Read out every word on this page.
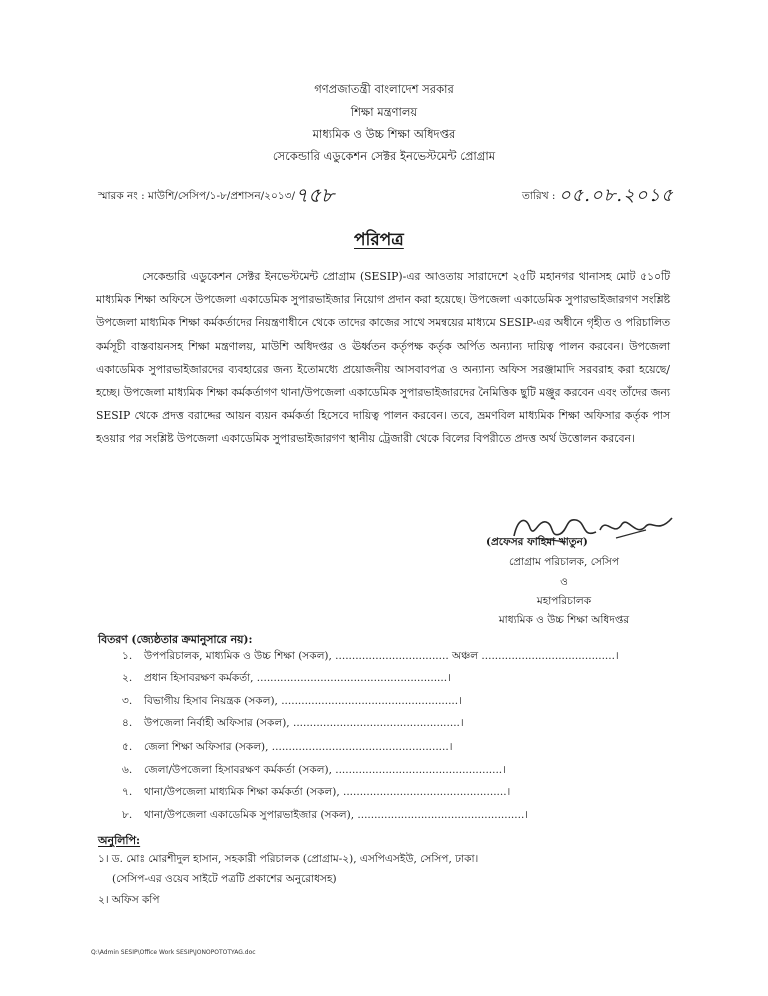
গণপ্রজাতন্ত্রী বাংলাদেশ সরকার
শিক্ষা মন্ত্রণালয়
মাধ্যমিক ও উচ্চ শিক্ষা অধিদপ্তর
সেকেন্ডারি এডুকেশন সেক্টর ইনভেস্টমেন্ট প্রোগ্রাম
স্মারক নং : মাউশি/সেসিপ/১-৮/প্রশাসন/২০১৩/৭৫৮	তারিখ : ০৫.০৮.২০১৫
পরিপত্র

সেকেন্ডারি এডুকেশন সেক্টর ইনভেস্টমেন্ট প্রোগ্রাম (SESIP)-এর আওতায় সারাদেশে ২৫টি মহানগর থানাসহ মোট ৫১০টি মাধ্যমিক শিক্ষা অফিসে উপজেলা একাডেমিক সুপারভাইজার নিয়োগ প্রদান করা হয়েছে। উপজেলা একাডেমিক সুপারভাইজারগণ সংশ্লিষ্ট উপজেলা মাধ্যমিক শিক্ষা কর্মকর্তাদের নিয়ন্ত্রণাধীনে থেকে তাদের কাজের সাথে সমন্বয়ের মাধ্যমে SESIP-এর অধীনে গৃহীত ও পরিচালিত কর্মসূচী বাস্তবায়নসহ শিক্ষা মন্ত্রণালয়, মাউশি অধিদপ্তর ও ঊর্ধ্বতন কর্তৃপক্ষ কর্তৃক অর্পিত অন্যান্য দায়িত্ব পালন করবেন। উপজেলা একাডেমিক সুপারভাইজারদের ব্যবহারের জন্য ইতোমধ্যে প্রয়োজনীয় আসবাবপত্র ও অন্যান্য অফিস সরঞ্জামাদি সরবরাহ করা হয়েছে/হচ্ছে। উপজেলা মাধ্যমিক শিক্ষা কর্মকর্তাগণ থানা/উপজেলা একাডেমিক সুপারভাইজারদের নৈমিত্তিক ছুটি মঞ্জুর করবেন এবং তাঁদের জন্য SESIP থেকে প্রদত্ত বরাদ্দের আয়ন ব্যয়ন কর্মকর্তা হিসেবে দায়িত্ব পালন করবেন। তবে, ভ্রমণবিল মাধ্যমিক শিক্ষা অফিসার কর্তৃক পাস হওয়ার পর সংশ্লিষ্ট উপজেলা একাডেমিক সুপারভাইজারগণ স্থানীয় ট্রেজারী থেকে বিলের বিপরীতে প্রদত্ত অর্থ উত্তোলন করবেন।

(প্রফেসর ফাহিমা খাতুন)
প্রোগ্রাম পরিচালক, সেসিপ
ও
মহাপরিচালক
মাধ্যমিক ও উচ্চ শিক্ষা অধিদপ্তর
বিতরণ (জ্যেষ্ঠতার ক্রমানুসারে নয়):
১. উপপরিচালক, মাধ্যমিক ও উচ্চ শিক্ষা (সকল), .................................. অঞ্চল ........................................।
২. প্রধান হিসাবরক্ষণ কর্মকর্তা, .........................................................।
৩. বিভাগীয় হিসাব নিয়ন্ত্রক (সকল), .....................................................।
৪. উপজেলা নির্বাহী অফিসার (সকল), ..................................................।
৫. জেলা শিক্ষা অফিসার (সকল), .....................................................।
৬. জেলা/উপজেলা হিসাবরক্ষণ কর্মকর্তা (সকল), ..................................................।
৭. থানা/উপজেলা মাধ্যমিক শিক্ষা কর্মকর্তা (সকল), .................................................।
৮. থানা/উপজেলা একাডেমিক সুপারভাইজার (সকল), ..................................................।
অনুলিপি:
১। ড. মোঃ মোরশীদুল হাসান, সহকারী পরিচালক (প্রোগ্রাম-২), এসপিএসইউ, সেসিপ, ঢাকা।
(সেসিপ-এর ওয়েব সাইটে পত্রটি প্রকাশের অনুরোধসহ)
২। অফিস কপি
Q:\Admin SESIP\Office Work SESIP\JONOPOTOTYAG.doc
